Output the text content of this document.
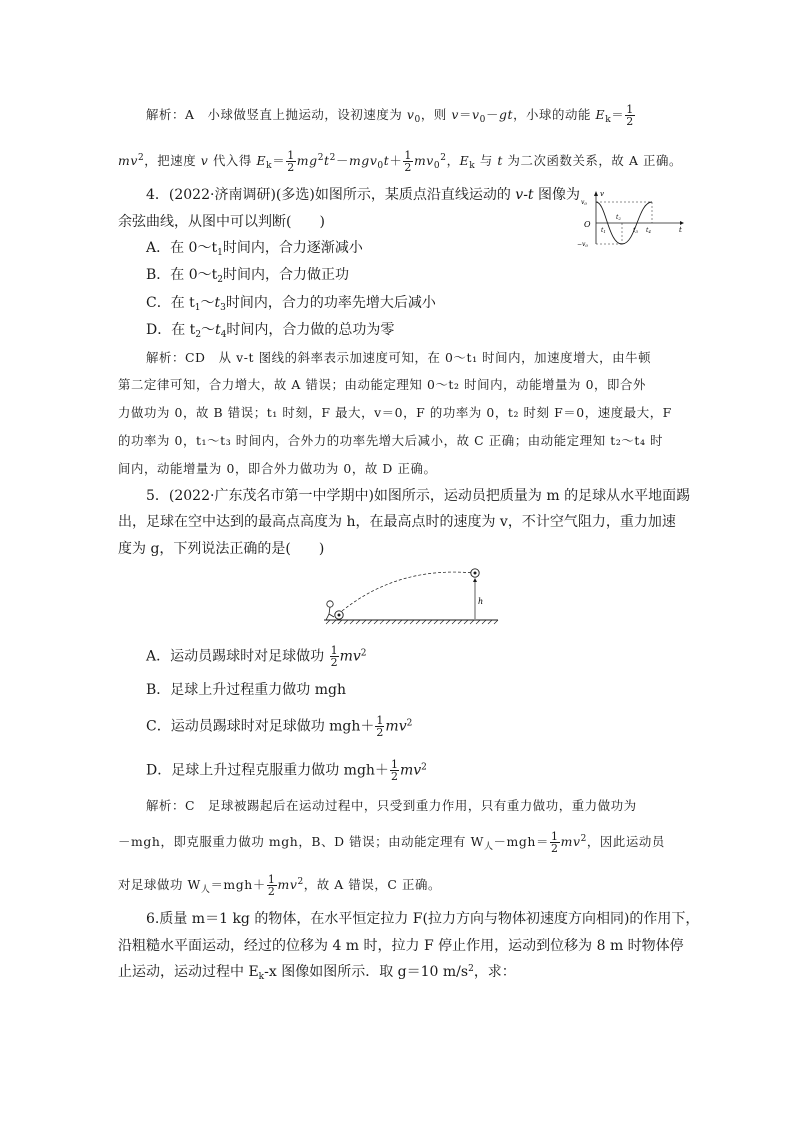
解析：A　小球做竖直上抛运动，设初速度为 $v_0$，则 $v=v_0-gt$，小球的动能 $E_k= \frac{1}{2}$
$mv^2$，把速度 v 代入得 $E_k= \frac{1}{2} mg^2t^2-mgv_0t+ \frac{1}{2} mv_0^2$，$E_k$ 与 t 为二次函数关系，故 A 正确。
4．(2022·济南调研)(多选)如图所示，某质点沿直线运动的 v-t 图像为
余弦曲线，从图中可以判断(　　)
A．在 $0\sim t_1$时间内，合力逐渐减小
B．在 $0\sim t_2$时间内，合力做正功
C．在 $t_1\sim t_3$时间内，合力的功率先增大后减小
D．在 $t_2\sim t_4$时间内，合力做的总功为零
v
t
v0
−v0
O
t1
t2
t3 t4
解析：CD　从 v-t 图线的斜率表示加速度可知，在 0～t₁ 时间内，加速度增大，由牛顿
第二定律可知，合力增大，故 A 错误；由动能定理知 0～t₂ 时间内，动能增量为 0，即合外
力做功为 0，故 B 错误；t₁ 时刻，F 最大，v＝0，F 的功率为 0，t₂ 时刻 F＝0，速度最大，F
的功率为 0，t₁～t₃ 时间内，合外力的功率先增大后减小，故 C 正确；由动能定理知 t₂～t₄ 时
间内，动能增量为 0，即合外力做功为 0，故 D 正确。
5．(2022·广东茂名市第一中学期中)如图所示，运动员把质量为 m 的足球从水平地面踢
出，足球在空中达到的最高点高度为 h，在最高点时的速度为 v，不计空气阻力，重力加速
度为 g，下列说法正确的是(　　)
h
A．运动员踢球时对足球做功 $\frac{1}{2} mv^2$
B．足球上升过程重力做功 mgh
C．运动员踢球时对足球做功 $mgh+ \frac{1}{2} mv^2$
D．足球上升过程克服重力做功 $mgh+ \frac{1}{2} mv^2$
解析：C　足球被踢起后在运动过程中，只受到重力作用，只有重力做功，重力做功为
－mgh，即克服重力做功 mgh，B、D 错误；由动能定理有 $W_人-mgh= \frac{1}{2} mv^2$，因此运动员
对足球做功 $W_人=mgh+ \frac{1}{2} mv^2$，故 A 错误，C 正确。
6.质量 m＝1 kg 的物体，在水平恒定拉力 F(拉力方向与物体初速度方向相同)的作用下，
沿粗糙水平面运动，经过的位移为 4 m 时，拉力 F 停止作用，运动到位移为 8 m 时物体停
止运动，运动过程中 $E_k-x$ 图像如图所示．取 g＝10 $m/s^2$，求：
